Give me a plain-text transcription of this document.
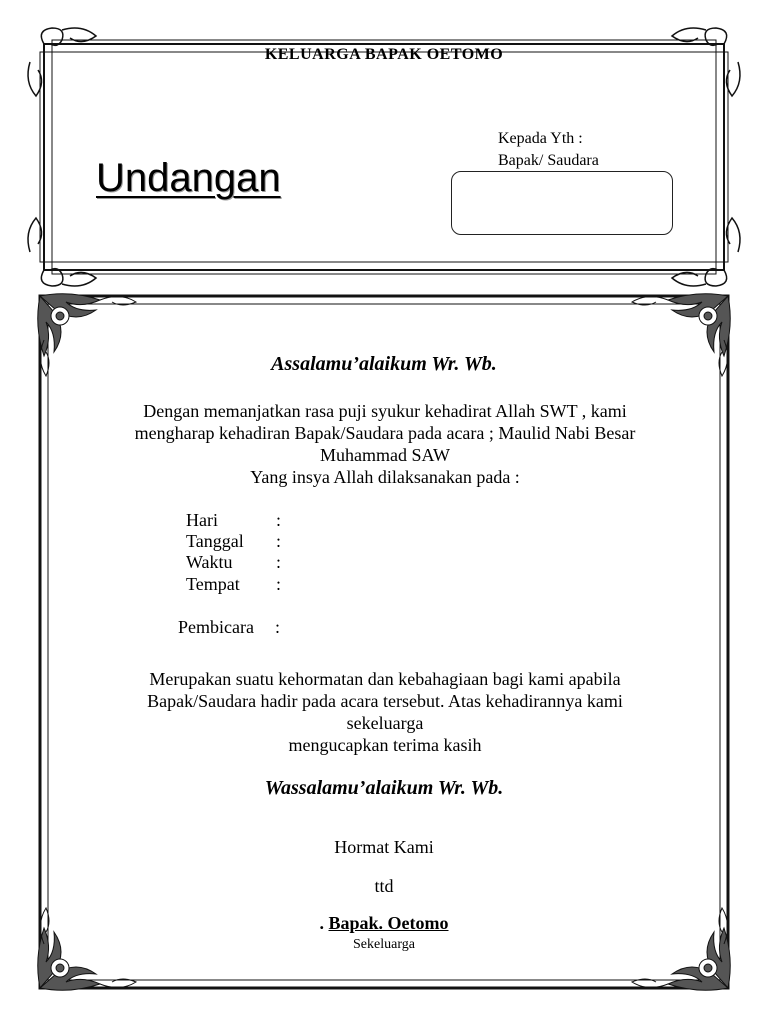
KELUARGA BAPAK OETOMO
Undangan
Kepada Yth :
Bapak/ Saudara
Assalamu’alaikum Wr. Wb.
Dengan memanjatkan rasa puji syukur kehadirat Allah SWT , kami
mengharap kehadiran Bapak/Saudara pada acara ; Maulid Nabi Besar
Muhammad SAW
Yang insya Allah dilaksanakan pada :
Hari	:
Tanggal :
Waktu :
Tempat :
Pembicara :
Merupakan suatu kehormatan dan kebahagiaan bagi kami apabila
Bapak/Saudara hadir pada acara tersebut. Atas kehadirannya kami
sekeluarga
mengucapkan terima kasih
Wassalamu’alaikum Wr. Wb.
Hormat Kami
ttd
. Bapak. Oetomo
Sekeluarga
